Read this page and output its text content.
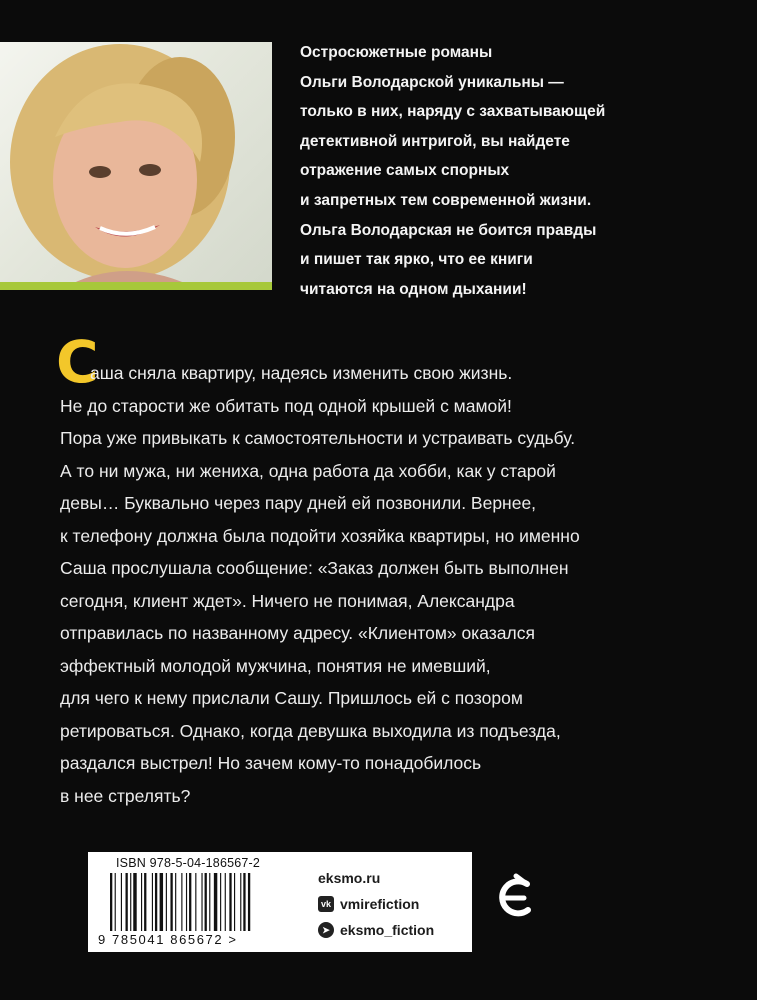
Остросюжетные романы
Ольги Володарской уникальны —
только в них, наряду с захватывающей
детективной интригой, вы найдете
отражение самых спорных
и запретных тем современной жизни.
Ольга Володарская не боится правды
и пишет так ярко, что ее книги
читаются на одном дыхании!
С
аша сняла квартиру, надеясь изменить свою жизнь.
Не до старости же обитать под одной крышей с мамой!
Пора уже привыкать к самостоятельности и устраивать судьбу.
А то ни мужа, ни жениха, одна работа да хобби, как у старой
девы… Буквально через пару дней ей позвонили. Вернее,
к телефону должна была подойти хозяйка квартиры, но именно
Саша прослушала сообщение: «Заказ должен быть выполнен
сегодня, клиент ждет». Ничего не понимая, Александра
отправилась по названному адресу. «Клиентом» оказался
эффектный молодой мужчина, понятия не имевший,
для чего к нему прислали Сашу. Пришлось ей с позором
ретироваться. Однако, когда девушка выходила из подъезда,
раздался выстрел! Но зачем кому-то понадобилось
в нее стрелять?
ISBN 978-5-04-186567-2
9 785041 865672 >
eksmo.ru
vk vmirefiction
➤ eksmo_fiction
